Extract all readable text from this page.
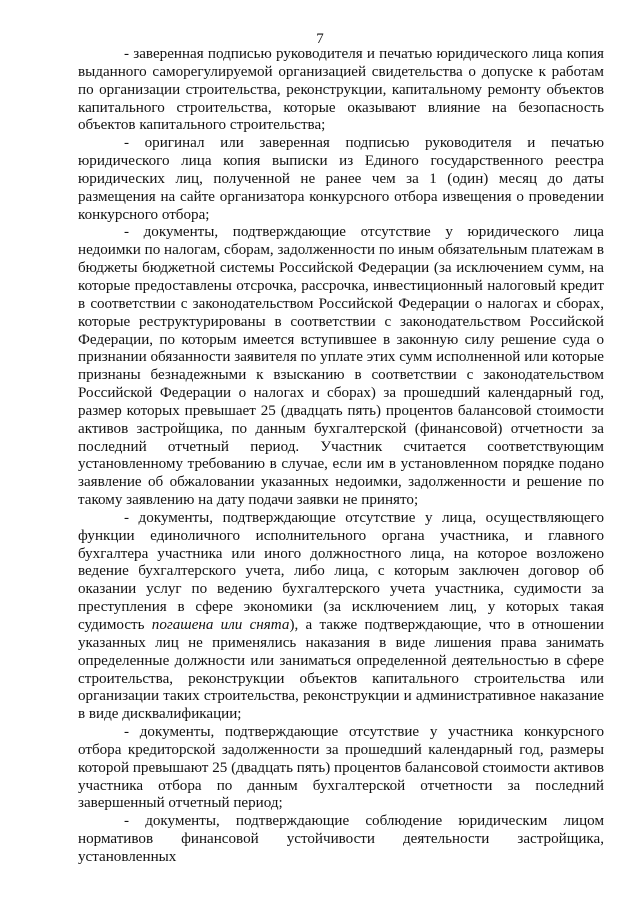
7

- заверенная подписью руководителя и печатью юридического лица копия выданного саморегулируемой организацией свидетельства о допуске к работам по организации строительства, реконструкции, капитальному ремонту объектов капитального строительства, которые оказывают влияние на безопасность объектов капитального строительства;

- оригинал или заверенная подписью руководителя и печатью юридического лица копия выписки из Единого государственного реестра юридических лиц, полученной не ранее чем за 1 (один) месяц до даты размещения на сайте организатора конкурсного отбора извещения о проведении конкурсного отбора;

- документы, подтверждающие отсутствие у юридического лица недоимки по налогам, сборам, задолженности по иным обязательным платежам в бюджеты бюджетной системы Российской Федерации (за исключением сумм, на которые предоставлены отсрочка, рассрочка, инвестиционный налоговый кредит в соответствии с законодательством Российской Федерации о налогах и сборах, которые реструктурированы в соответствии с законодательством Российской Федерации, по которым имеется вступившее в законную силу решение суда о признании обязанности заявителя по уплате этих сумм исполненной или которые признаны безнадежными к взысканию в соответствии с законодательством Российской Федерации о налогах и сборах) за прошедший календарный год, размер которых превышает 25 (двадцать пять) процентов балансовой стоимости активов застройщика, по данным бухгалтерской (финансовой) отчетности за последний отчетный период. Участник считается соответствующим установленному требованию в случае, если им в установленном порядке подано заявление об обжаловании указанных недоимки, задолженности и решение по такому заявлению на дату подачи заявки не принято;

- документы, подтверждающие отсутствие у лица, осуществляющего функции единоличного исполнительного органа участника, и главного бухгалтера участника или иного должностного лица, на которое возложено ведение бухгалтерского учета, либо лица, с которым заключен договор об оказании услуг по ведению бухгалтерского учета участника, судимости за преступления в сфере экономики (за исключением лиц, у которых такая судимость погашена или снята), а также подтверждающие, что в отношении указанных лиц не применялись наказания в виде лишения права занимать определенные должности или заниматься определенной деятельностью в сфере строительства, реконструкции объектов капитального строительства или организации таких строительства, реконструкции и административное наказание в виде дисквалификации;

- документы, подтверждающие отсутствие у участника конкурсного отбора кредиторской задолженности за прошедший календарный год, размеры которой превышают 25 (двадцать пять) процентов балансовой стоимости активов участника отбора по данным бухгалтерской отчетности за последний завершенный отчетный период;

- документы, подтверждающие соблюдение юридическим лицом нормативов финансовой устойчивости деятельности застройщика, установленных
